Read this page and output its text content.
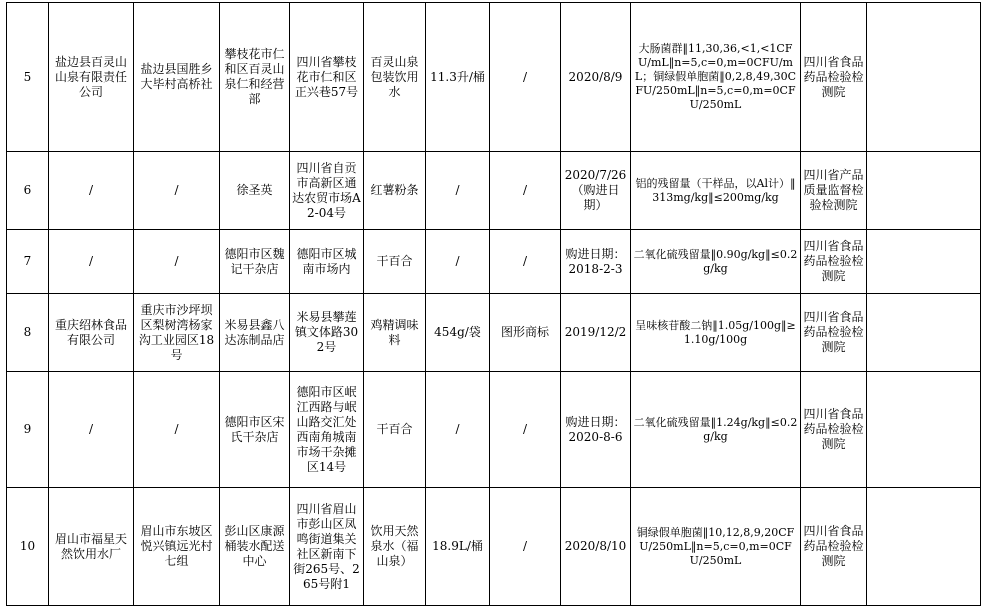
5	盐边县百灵山山泉有限责任公司	盐边县国胜乡大毕村高桥社	攀枝花市仁和区百灵山泉仁和经营部	四川省攀枝花市仁和区正兴巷57号	百灵山泉包装饮用水	11.3升/桶	/	2020/8/9	大肠菌群‖11,30,36,<1,<1CFU/mL‖n=5,c=0,m=0CFU/mL；铜绿假单胞菌‖0,2,8,49,30CFU/250mL‖n=5,c=0,m=0CFU/250mL	四川省食品药品检验检测院	
6	/	/	徐圣英	四川省自贡市高新区通达农贸市场A2-04号	红薯粉条	/	/	2020/7/26（购进日期）	铝的残留量（干样品，以Al计）‖313mg/kg‖≤200mg/kg	四川省产品质量监督检验检测院	
7	/	/	德阳市区魏记干杂店	德阳市区城南市场内	干百合	/	/	购进日期：2018-2-3	二氧化硫残留量‖0.90g/kg‖≤0.2g/kg	四川省食品药品检验检测院	
8	重庆绍林食品有限公司	重庆市沙坪坝区梨树湾杨家沟工业园区18号	米易县鑫八达冻制品店	米易县攀莲镇文体路302号	鸡精调味料	454g/袋	图形商标	2019/12/2	呈味核苷酸二钠‖1.05g/100g‖≥1.10g/100g	四川省食品药品检验检测院	
9	/	/	德阳市区宋氏干杂店	德阳市区岷江西路与岷山路交汇处西南角城南市场干杂摊区14号	干百合	/	/	购进日期：2020-8-6	二氧化硫残留量‖1.24g/kg‖≤0.2g/kg	四川省食品药品检验检测院	
10	眉山市福星天然饮用水厂	眉山市东坡区悦兴镇远光村七组	彭山区康源桶装水配送中心	四川省眉山市彭山区凤鸣街道集关社区新南下街265号、265号附1	饮用天然泉水（福山泉）	18.9L/桶	/	2020/8/10	铜绿假单胞菌‖10,12,8,9,20CFU/250mL‖n=5,c=0,m=0CFU/250mL	四川省食品药品检验检测院	
